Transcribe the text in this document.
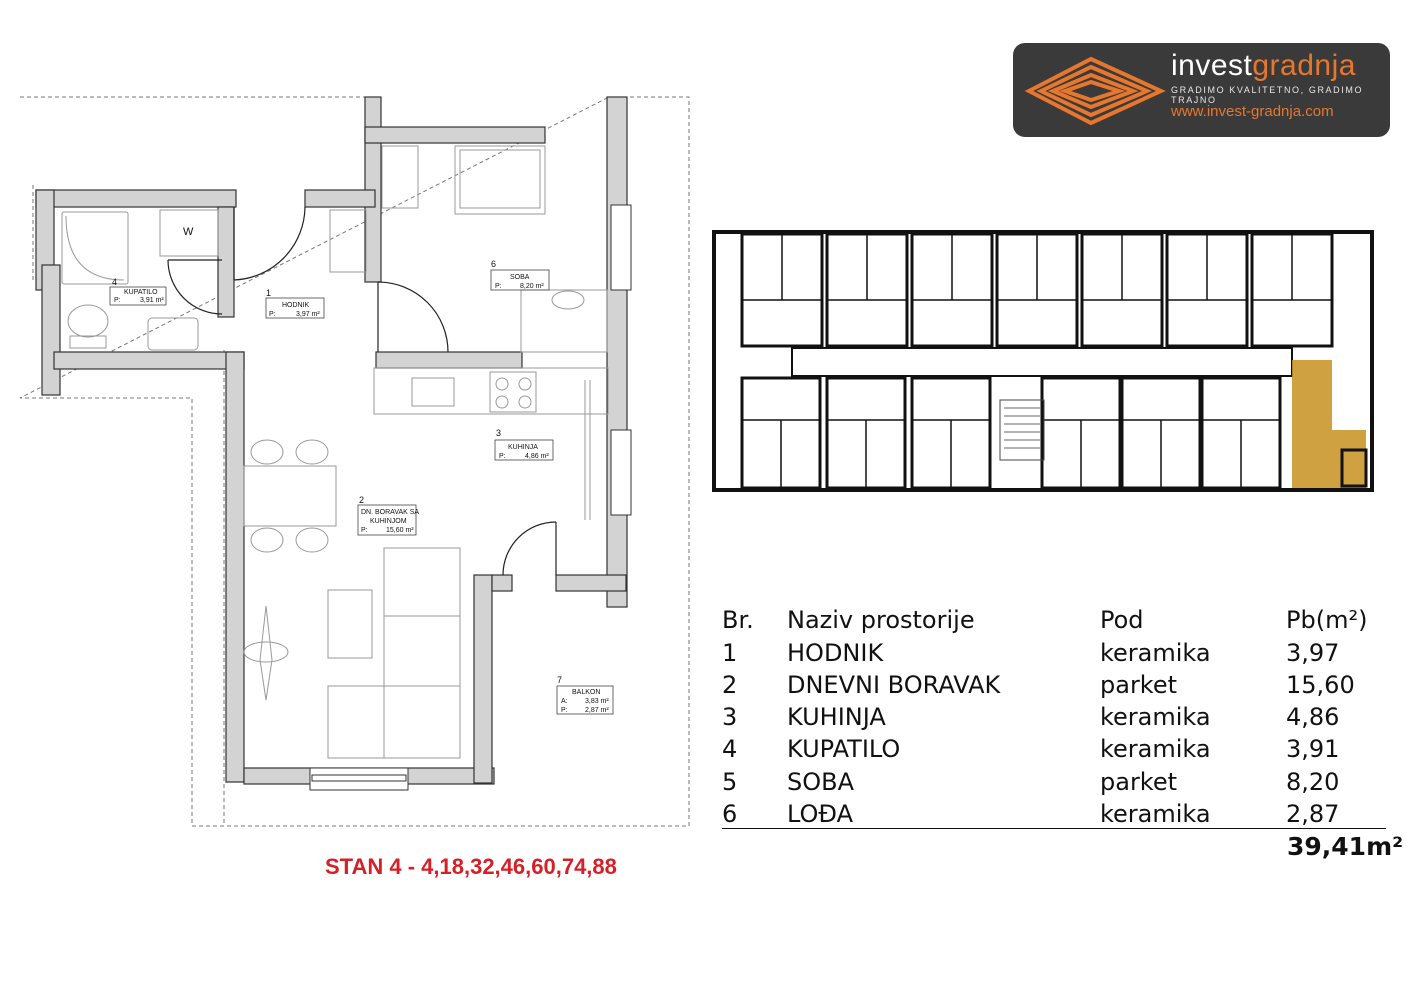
1
HODNIK
P:	3,97 m²
2
DN. BORAVAK SA
KUHINJOM
P:	15,60 m²
3
KUHINJA
P:	4,86 m²
4
KUPATILO
P:	3,91 m²
6
SOBA
P:	8,20 m²
7
BALKON
A: 3,83 m²
P: 2,87 m²
W
investgradnja
GRADIMO KVALITETNO, GRADIMO TRAJNO
www.invest-gradnja.com
Br.	Naziv prostorije	Pod	Pb(m²)
1	HODNIK	keramika	3,97
2	DNEVNI BORAVAK	parket	15,60
3	KUHINJA	keramika	4,86
4	KUPATILO	keramika	3,91
5	SOBA	parket	8,20
6	LOĐA	keramika	2,87
39,41m²
STAN 4 - 4,18,32,46,60,74,88
